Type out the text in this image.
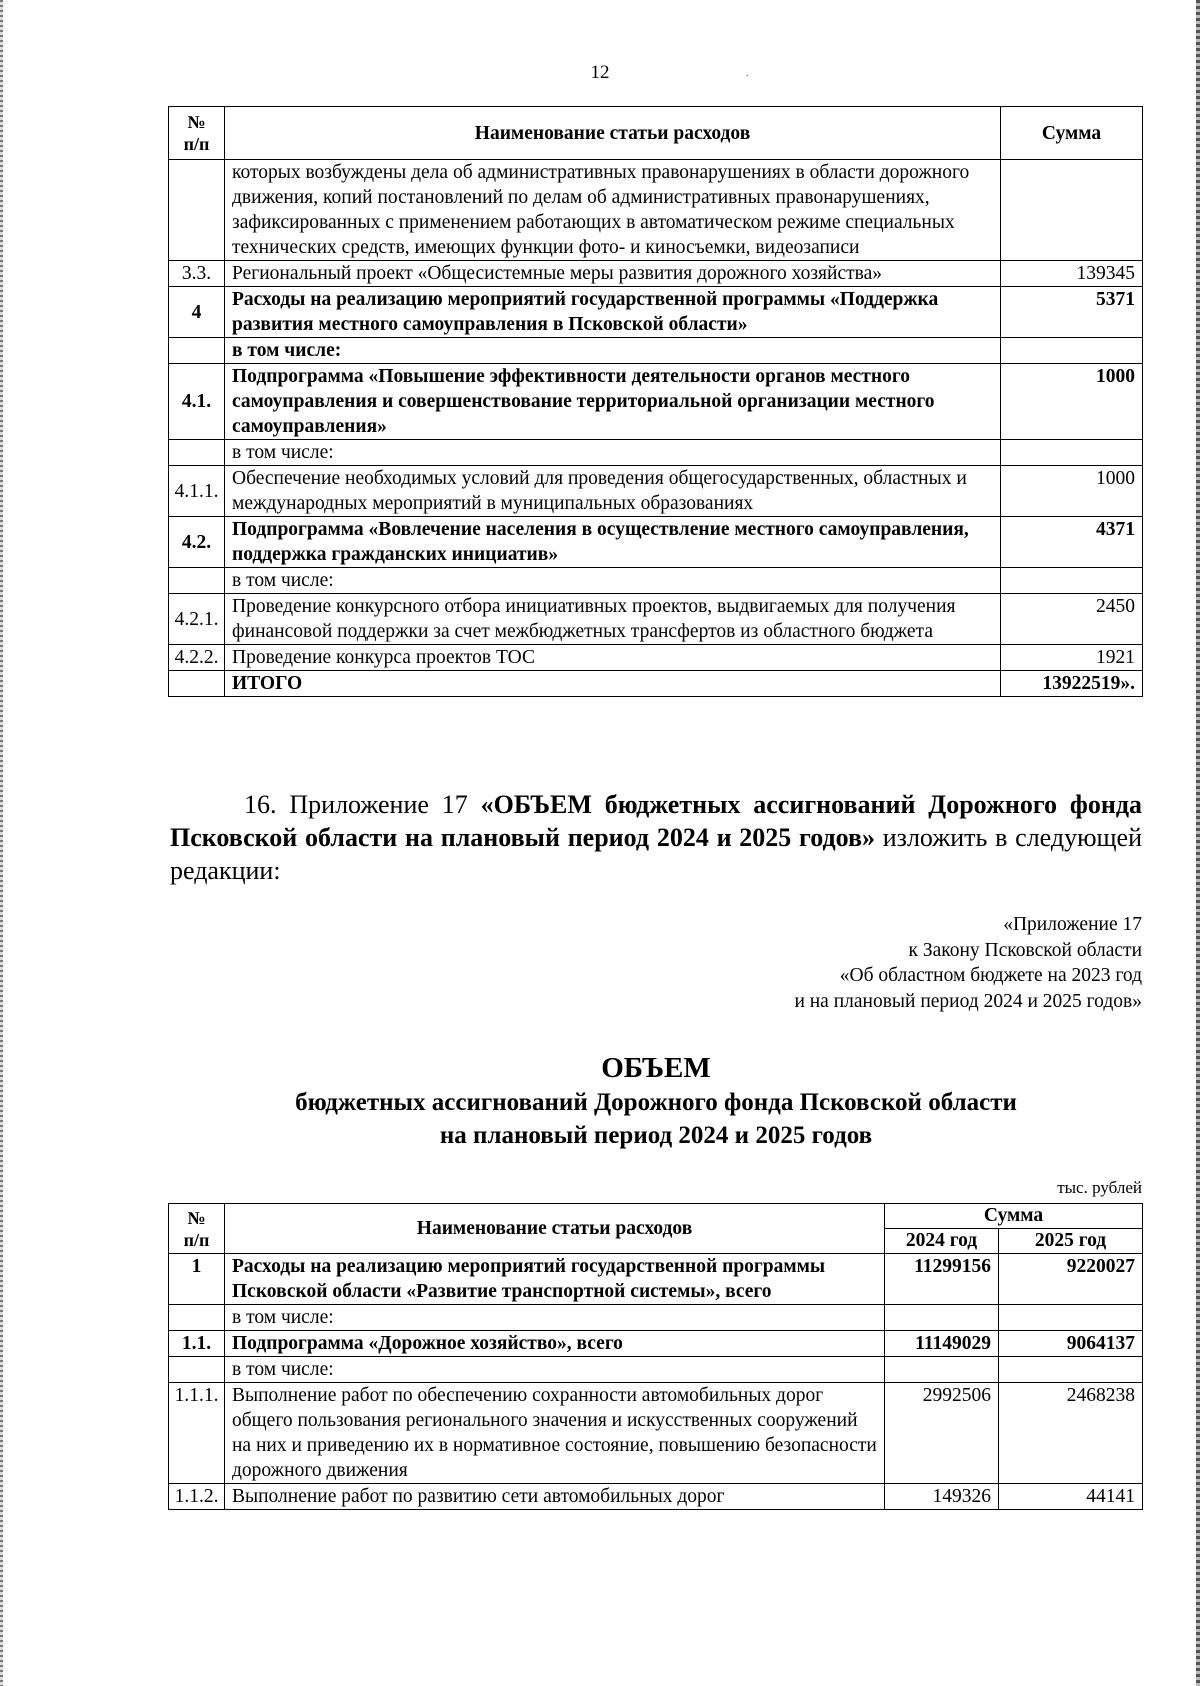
12	.
№
п/п	Наименование статьи расходов	Сумма
	которых возбуждены дела об административных правонарушениях в области дорожного движения, копий постановлений по делам об административных правонарушениях, зафиксированных с применением работающих в автоматическом режиме специальных технических средств, имеющих функции фото- и киносъемки, видеозаписи	
3.3.	Региональный проект «Общесистемные меры развития дорожного хозяйства»	139345
4	Расходы на реализацию мероприятий государственной программы «Поддержка развития местного самоуправления в Псковской области»	5371
	в том числе:	
4.1.	Подпрограмма «Повышение эффективности деятельности органов местного самоуправления и совершенствование территориальной организации местного самоуправления»	1000
	в том числе:	
4.1.1.	Обеспечение необходимых условий для проведения общегосударственных, областных и международных мероприятий в муниципальных образованиях	1000
4.2.	Подпрограмма «Вовлечение населения в осуществление местного самоуправления, поддержка гражданских инициатив»	4371
	в том числе:	
4.2.1.	Проведение конкурсного отбора инициативных проектов, выдвигаемых для получения финансовой поддержки за счет межбюджетных трансфертов из областного бюджета	2450
4.2.2.	Проведение конкурса проектов ТОС	1921
	ИТОГО	13922519».
16. Приложение 17 «ОБЪЕМ бюджетных ассигнований Дорожного фонда Псковской области на плановый период 2024 и 2025 годов» изложить в следующей редакции:
«Приложение 17
к Закону Псковской области
«Об областном бюджете на 2023 год
и на плановый период 2024 и 2025 годов»
ОБЪЕМ
бюджетных ассигнований Дорожного фонда Псковской области
на плановый период 2024 и 2025 годов
тыс. рублей
№
п/п	Наименование статьи расходов	Сумма	
		2024 год	2025 год
1	Расходы на реализацию мероприятий государственной программы Псковской области «Развитие транспортной системы», всего	11299156	9220027
	в том числе:		
1.1.	Подпрограмма «Дорожное хозяйство», всего	11149029	9064137
	в том числе:		
1.1.1.	Выполнение работ по обеспечению сохранности автомобильных дорог общего пользования регионального значения и искусственных сооружений на них и приведению их в нормативное состояние, повышению безопасности дорожного движения	2992506	2468238
1.1.2.	Выполнение работ по развитию сети автомобильных дорог	149326	44141
